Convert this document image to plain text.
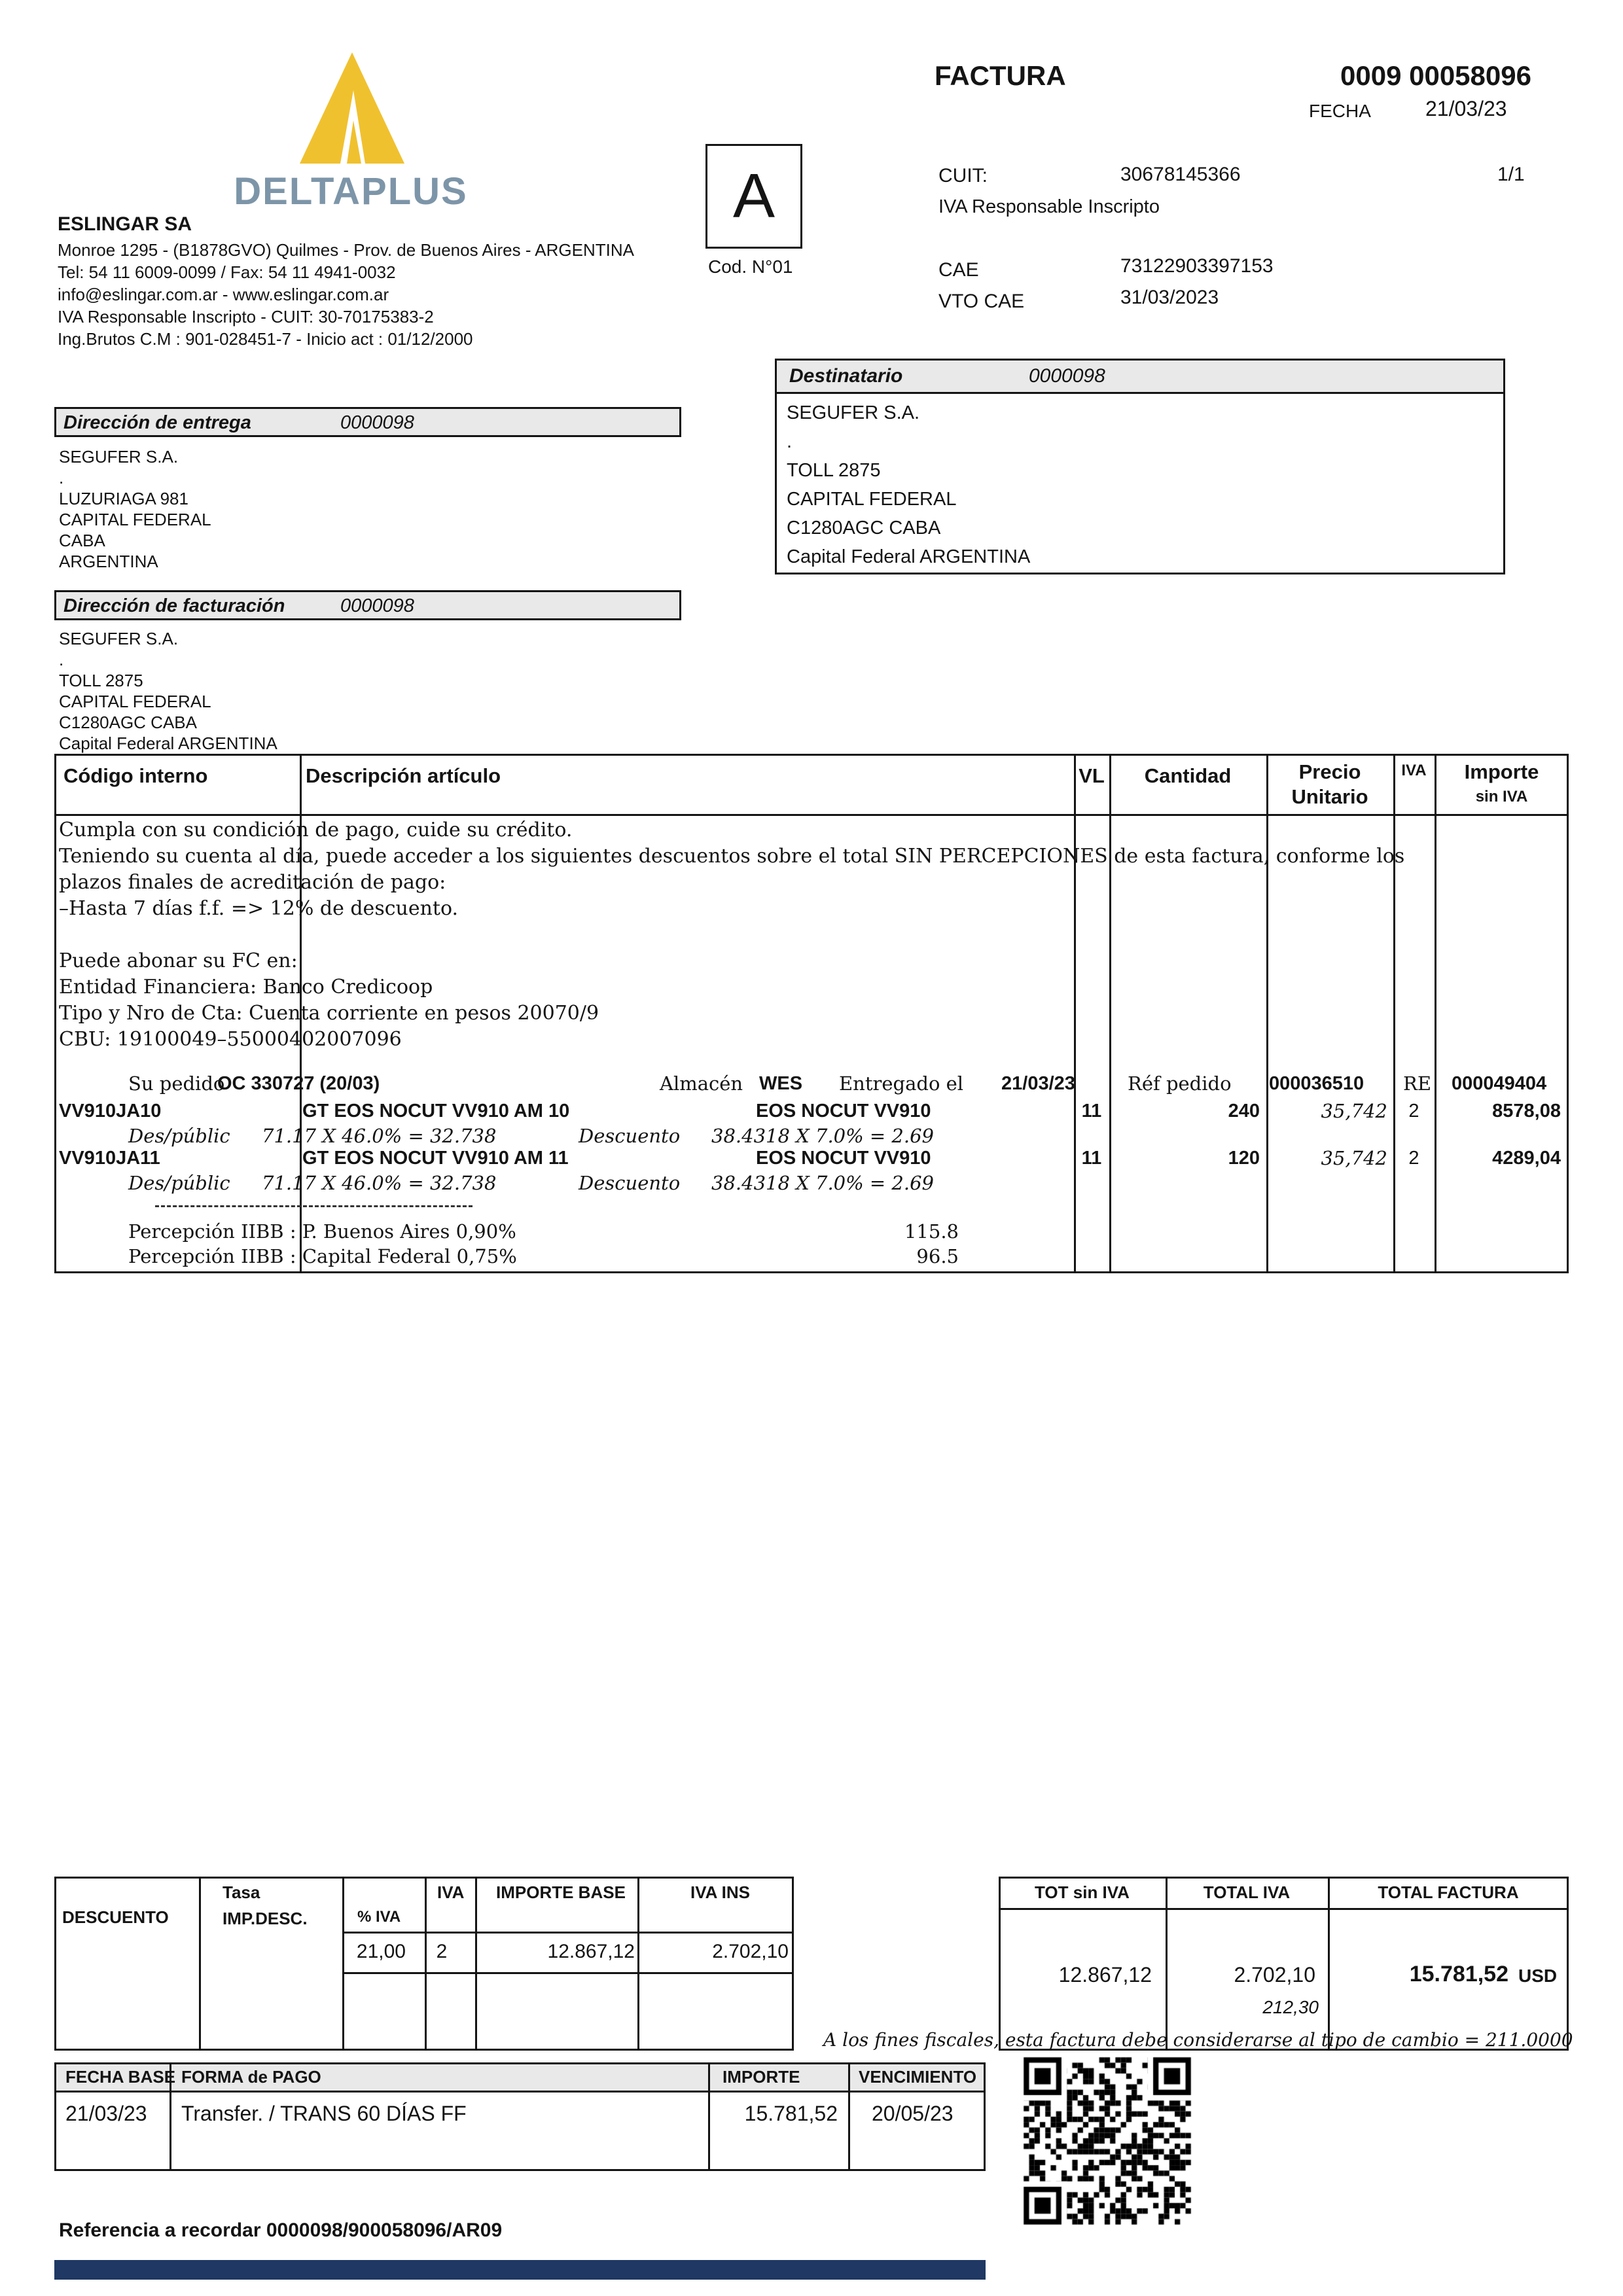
DELTAPLUS
ESLINGAR SA
Monroe 1295 - (B1878GVO) Quilmes - Prov. de Buenos Aires - ARGENTINA
Tel: 54 11 6009-0099 / Fax: 54 11 4941-0032
info@eslingar.com.ar - www.eslingar.com.ar
IVA Responsable Inscripto - CUIT: 30-70175383-2
Ing.Brutos C.M : 901-028451-7 - Inicio act : 01/12/2000
A
Cod. N°01
FACTURA	0009 00058096
FECHA	21/03/23
CUIT:	30678145366	1/1
IVA Responsable Inscripto
CAE	73122903397153
VTO CAE	31/03/2023
Destinatario	0000098
SEGUFER S.A.
.
TOLL 2875
CAPITAL FEDERAL
C1280AGC CABA
Capital Federal ARGENTINA
Dirección de entrega	0000098
SEGUFER S.A.
.
LUZURIAGA 981
CAPITAL FEDERAL
CABA
ARGENTINA
Dirección de facturación	0000098
SEGUFER S.A.
.
TOLL 2875
CAPITAL FEDERAL
C1280AGC CABA
Capital Federal ARGENTINA
Código interno	Descripción artículo	VL	Cantidad	Precio
Unitario
IVA	Importe
sin IVA
Cumpla con su condición de pago, cuide su crédito.
Teniendo su cuenta al día, puede acceder a los siguientes descuentos sobre el total SIN PERCEPCIONES de esta factura, conforme los
plazos finales de acreditación de pago:
–Hasta 7 días f.f. => 12% de descuento.
Puede abonar su FC en:
Entidad Financiera: Banco Credicoop
Tipo y Nro de Cta: Cuenta corriente en pesos 20070/9
CBU: 19100049–55000402007096
Su pedido
OC 330727 (20/03)	Almacén WES Entregado el 21/03/23	Réf pedido 000036510 RE 000049404
VV910JA10	GT EOS NOCUT VV910 AM 10	EOS NOCUT VV910	11	240	35,742	2	8578,08
Des/públic 71.17 X 46.0% = 32.738	Descuento 38.4318 X 7.0% = 2.69
VV910JA11	GT EOS NOCUT VV910 AM 11	EOS NOCUT VV910	11	120	35,742	2	4289,04
Des/públic 71.17 X 46.0% = 32.738	Descuento 38.4318 X 7.0% = 2.69
Percepción IIBB : P. Buenos Aires 0,90%	115.8
Percepción IIBB : Capital Federal 0,75%	96.5
DESCUENTO
Tasa
IMP.DESC.	% IVA
IVA IMPORTE BASE	IVA INS
21,00	2	12.867,12	2.702,10
TOT sin IVA	TOTAL IVA	TOTAL FACTURA
12.867,12	2.702,10	15.781,52 USD
212,30
A los fines fiscales, esta factura debe considerarse al tipo de cambio = 211.0000
FECHA BASE FORMA de PAGO	IMPORTE	VENCIMIENTO
21/03/23 Transfer. / TRANS 60 DÍAS FF	15.781,52 20/05/23
Referencia a recordar 0000098/900058096/AR09
